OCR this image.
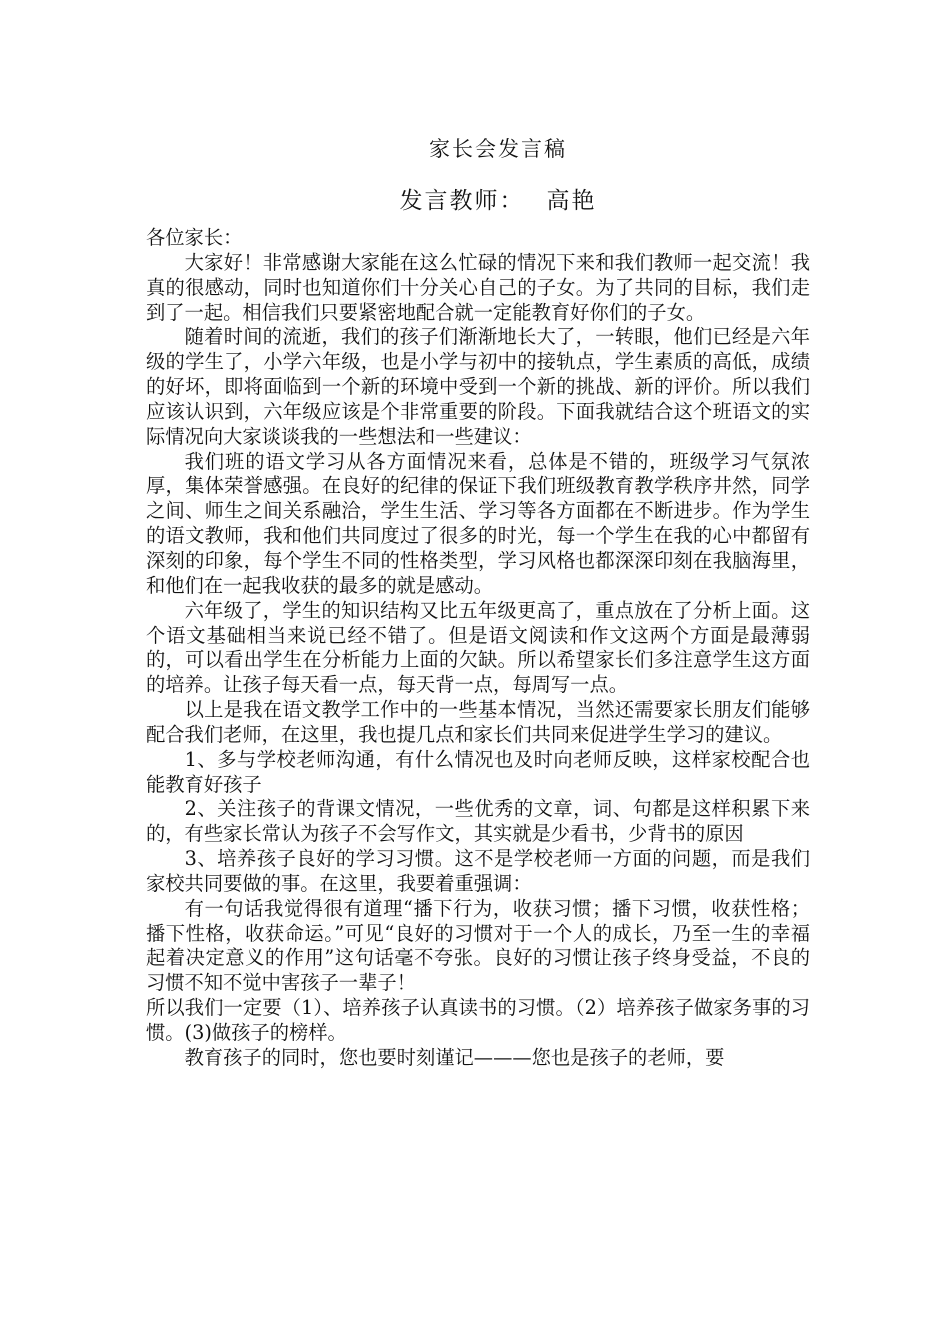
家长会发言稿
发言教师： 高艳

各位家长：

大家好！非常感谢大家能在这么忙碌的情况下来和我们教师一起交流！我真的很感动，同时也知道你们十分关心自己的子女。为了共同的目标，我们走到了一起。相信我们只要紧密地配合就一定能教育好你们的子女。

随着时间的流逝，我们的孩子们渐渐地长大了，一转眼，他们已经是六年级的学生了，小学六年级，也是小学与初中的接轨点，学生素质的高低，成绩的好坏，即将面临到一个新的环境中受到一个新的挑战、新的评价。所以我们应该认识到，六年级应该是个非常重要的阶段。下面我就结合这个班语文的实际情况向大家谈谈我的一些想法和一些建议：

我们班的语文学习从各方面情况来看，总体是不错的，班级学习气氛浓厚，集体荣誉感强。在良好的纪律的保证下我们班级教育教学秩序井然，同学之间、师生之间关系融洽，学生生活、学习等各方面都在不断进步。作为学生的语文教师，我和他们共同度过了很多的时光，每一个学生在我的心中都留有深刻的印象，每个学生不同的性格类型，学习风格也都深深印刻在我脑海里，和他们在一起我收获的最多的就是感动。

六年级了，学生的知识结构又比五年级更高了，重点放在了分析上面。这个语文基础相当来说已经不错了。但是语文阅读和作文这两个方面是最薄弱的，可以看出学生在分析能力上面的欠缺。所以希望家长们多注意学生这方面的培养。让孩子每天看一点，每天背一点，每周写一点。

以上是我在语文教学工作中的一些基本情况，当然还需要家长朋友们能够配合我们老师，在这里，我也提几点和家长们共同来促进学生学习的建议。

1、多与学校老师沟通，有什么情况也及时向老师反映，这样家校配合也能教育好孩子

2、关注孩子的背课文情况，一些优秀的文章，词、句都是这样积累下来的，有些家长常认为孩子不会写作文，其实就是少看书，少背书的原因

3、培养孩子良好的学习习惯。这不是学校老师一方面的问题，而是我们家校共同要做的事。在这里，我要着重强调：

有一句话我觉得很有道理“播下行为，收获习惯；播下习惯，收获性格；播下性格，收获命运。”可见“良好的习惯对于一个人的成长，乃至一生的幸福起着决定意义的作用”这句话毫不夸张。良好的习惯让孩子终身受益，不良的习惯不知不觉中害孩子一辈子！

所以我们一定要（1）、培养孩子认真读书的习惯。（2）培养孩子做家务事的习惯。(3)做孩子的榜样。

教育孩子的同时，您也要时刻谨记———您也是孩子的老师，要
